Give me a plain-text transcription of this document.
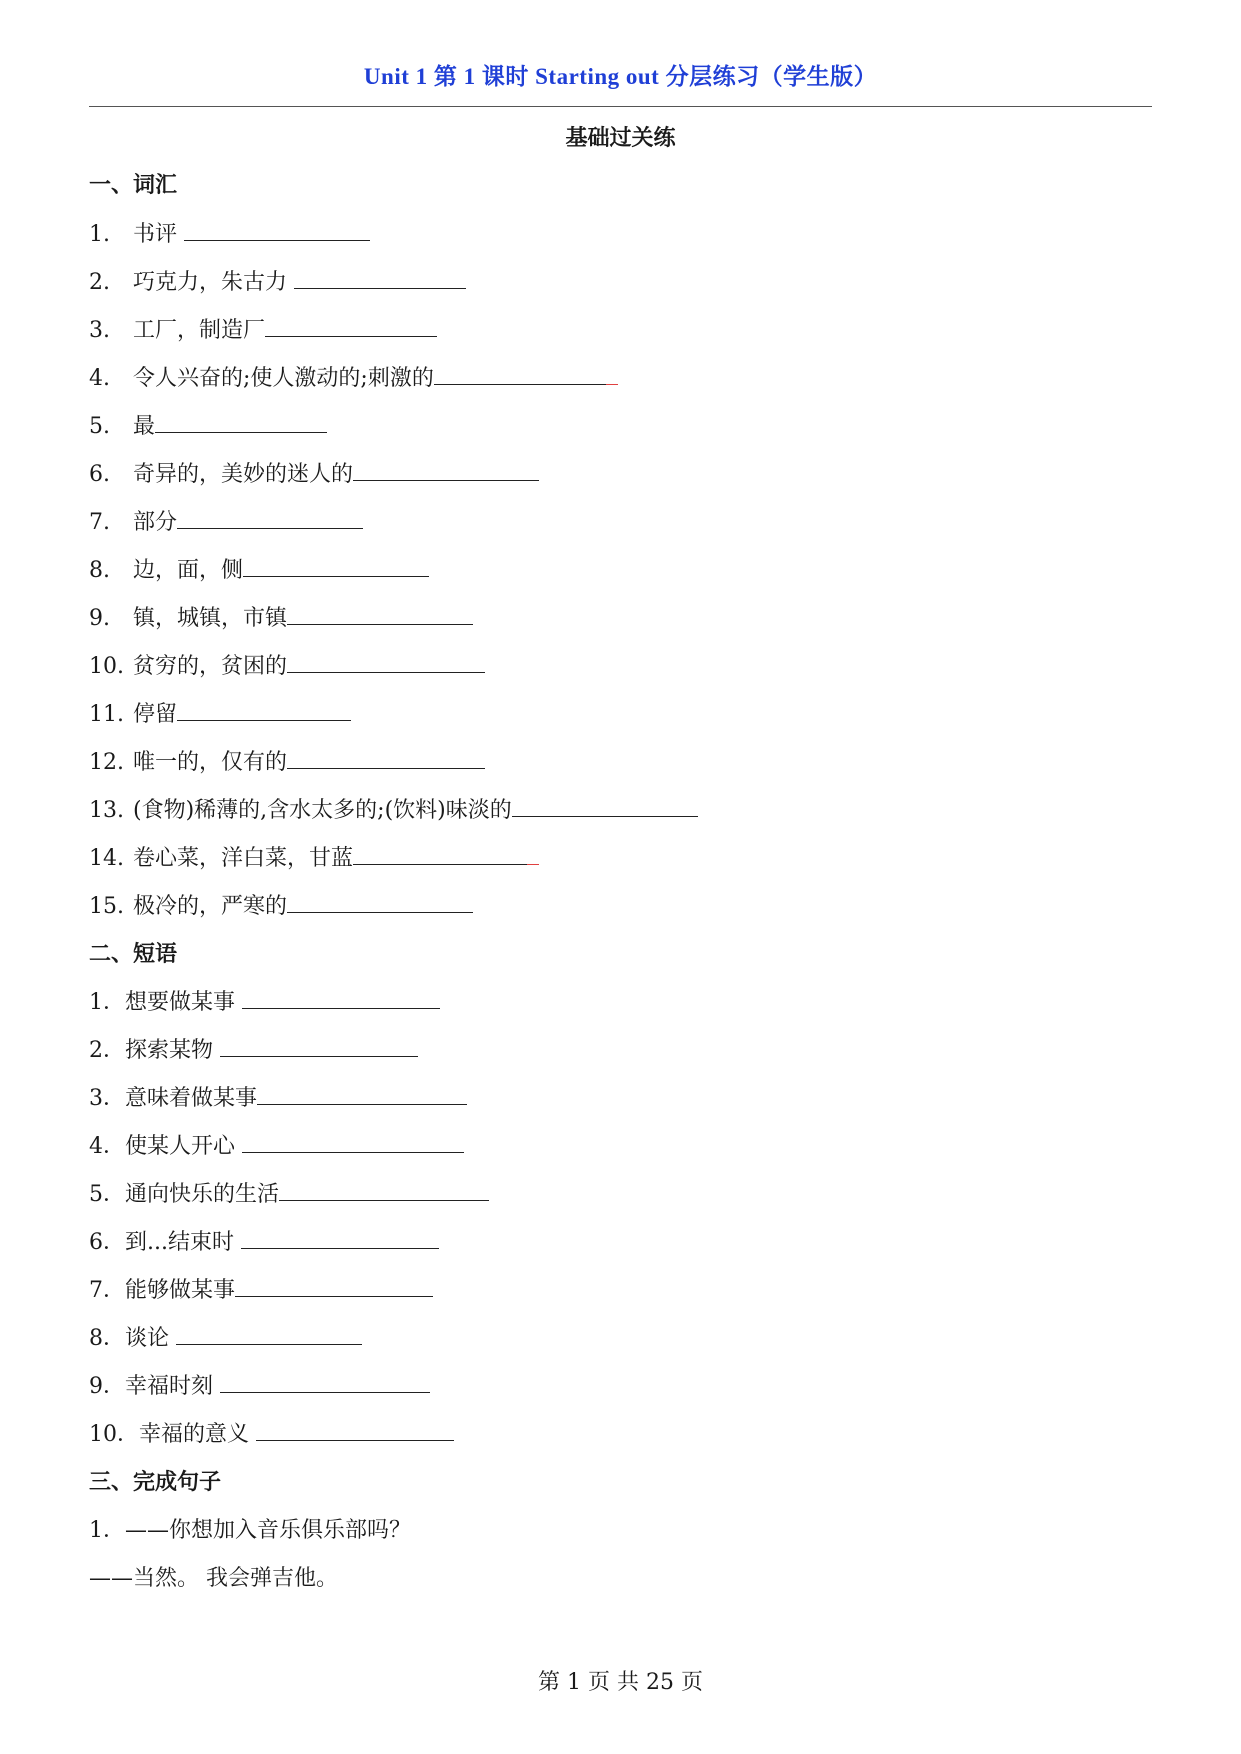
Unit 1 第 1 课时 Starting out 分层练习（学生版）
基础过关练
一、词汇
1. 书评
2. 巧克力，朱古力
3. 工厂，制造厂
4. 令人兴奋的;使人激动的;刺激的
5. 最
6. 奇异的，美妙的迷人的
7. 部分
8. 边，面，侧
9. 镇，城镇，市镇
10. 贫穷的，贫困的
11. 停留
12. 唯一的，仅有的
13. (食物)稀薄的,含水太多的;(饮料)味淡的
14. 卷心菜，洋白菜，甘蓝
15. 极冷的，严寒的
二、短语
1．想要做某事
2．探索某物
3．意味着做某事
4．使某人开心
5．通向快乐的生活
6．到...结束时
7．能够做某事
8．谈论
9．幸福时刻
10．幸福的意义
三、完成句子
1．——你想加入音乐俱乐部吗？
——当然。 我会弹吉他。
第 1 页 共 25 页
